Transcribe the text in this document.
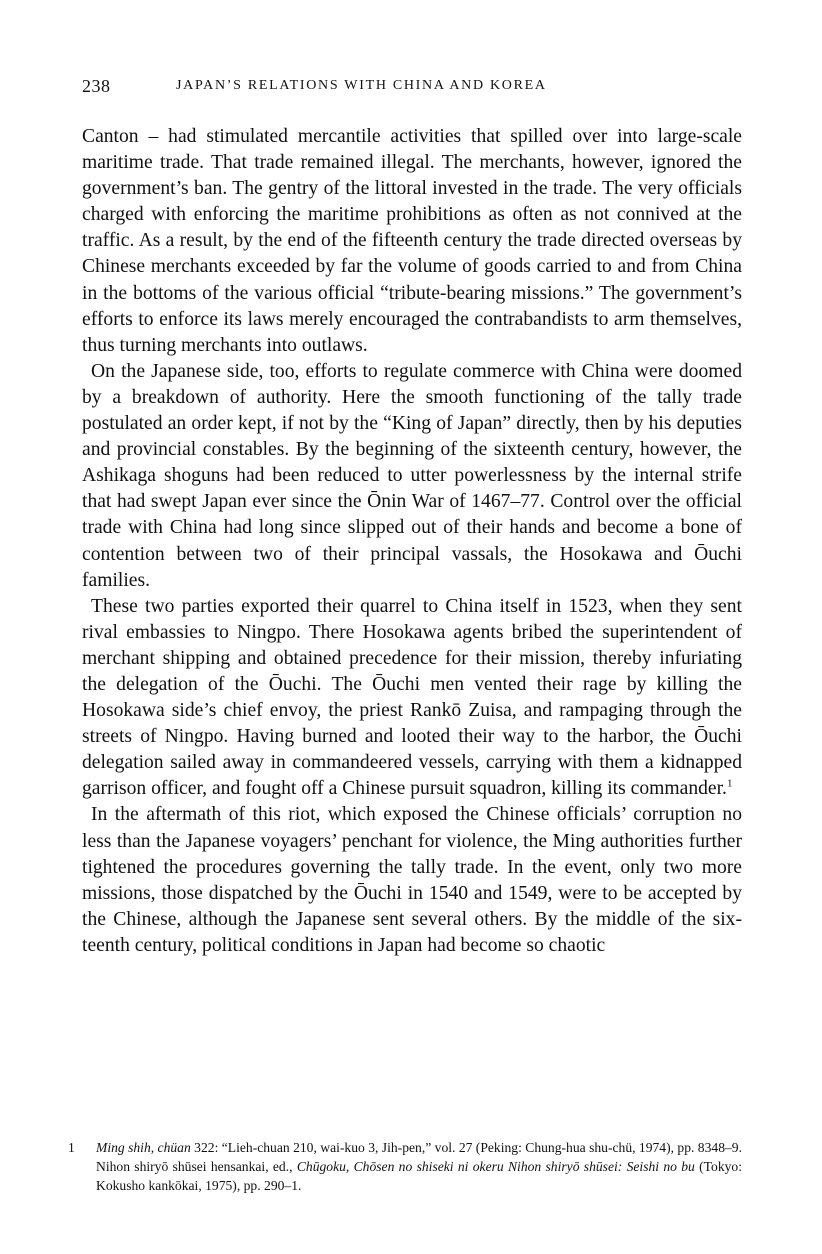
238	JAPAN’S RELATIONS WITH CHINA AND KOREA

Canton – had stimulated mercantile activities that spilled over into large-scale maritime trade. That trade remained illegal. The merchants, however, ignored the government’s ban. The gentry of the littoral invested in the trade. The very officials charged with enforcing the maritime prohibitions as often as not connived at the traffic. As a result, by the end of the fifteenth century the trade directed overseas by Chinese merchants exceeded by far the volume of goods carried to and from China in the bottoms of the various official “tribute-bearing missions.” The government’s efforts to enforce its laws merely encouraged the contrabandists to arm themselves, thus turning merchants into outlaws.

On the Japanese side, too, efforts to regulate commerce with China were doomed by a breakdown of authority. Here the smooth functioning of the tally trade postulated an order kept, if not by the “King of Japan” directly, then by his deputies and provincial constables. By the beginning of the sixteenth century, however, the Ashikaga shoguns had been reduced to utter powerlessness by the internal strife that had swept Japan ever since the Ōnin War of 1467–77. Control over the official trade with China had long since slipped out of their hands and become a bone of contention between two of their principal vassals, the Hosokawa and Ōuchi families.

These two parties exported their quarrel to China itself in 1523, when they sent rival embassies to Ningpo. There Hosokawa agents bribed the superintendent of merchant shipping and obtained precedence for their mission, thereby infuriating the delegation of the Ōuchi. The Ōuchi men vented their rage by killing the Hosokawa side’s chief envoy, the priest Rankō Zuisa, and rampaging through the streets of Ningpo. Having burned and looted their way to the harbor, the Ōuchi delegation sailed away in commandeered vessels, carrying with them a kidnapped garrison officer, and fought off a Chinese pursuit squadron, killing its commander.$^1$

In the aftermath of this riot, which exposed the Chinese officials’ corruption no less than the Japanese voyagers’ penchant for violence, the Ming authorities further tightened the procedures governing the tally trade. In the event, only two more missions, those dispatched by the Ōuchi in 1540 and 1549, were to be accepted by the Chinese, although the Japanese sent several others. By the middle of the sixteenth century, political conditions in Japan had become so chaotic

1 Ming shih, chüan 322: “Lieh-chuan 210, wai-kuo 3, Jih-pen,” vol. 27 (Peking: Chung-hua shu-chü, 1974), pp. 8348–9. Nihon shiryō shūsei hensankai, ed., Chūgoku, Chōsen no shiseki ni okeru Nihon shiryō shūsei: Seishi no bu (Tokyo: Kokusho kankōkai, 1975), pp. 290–1.
